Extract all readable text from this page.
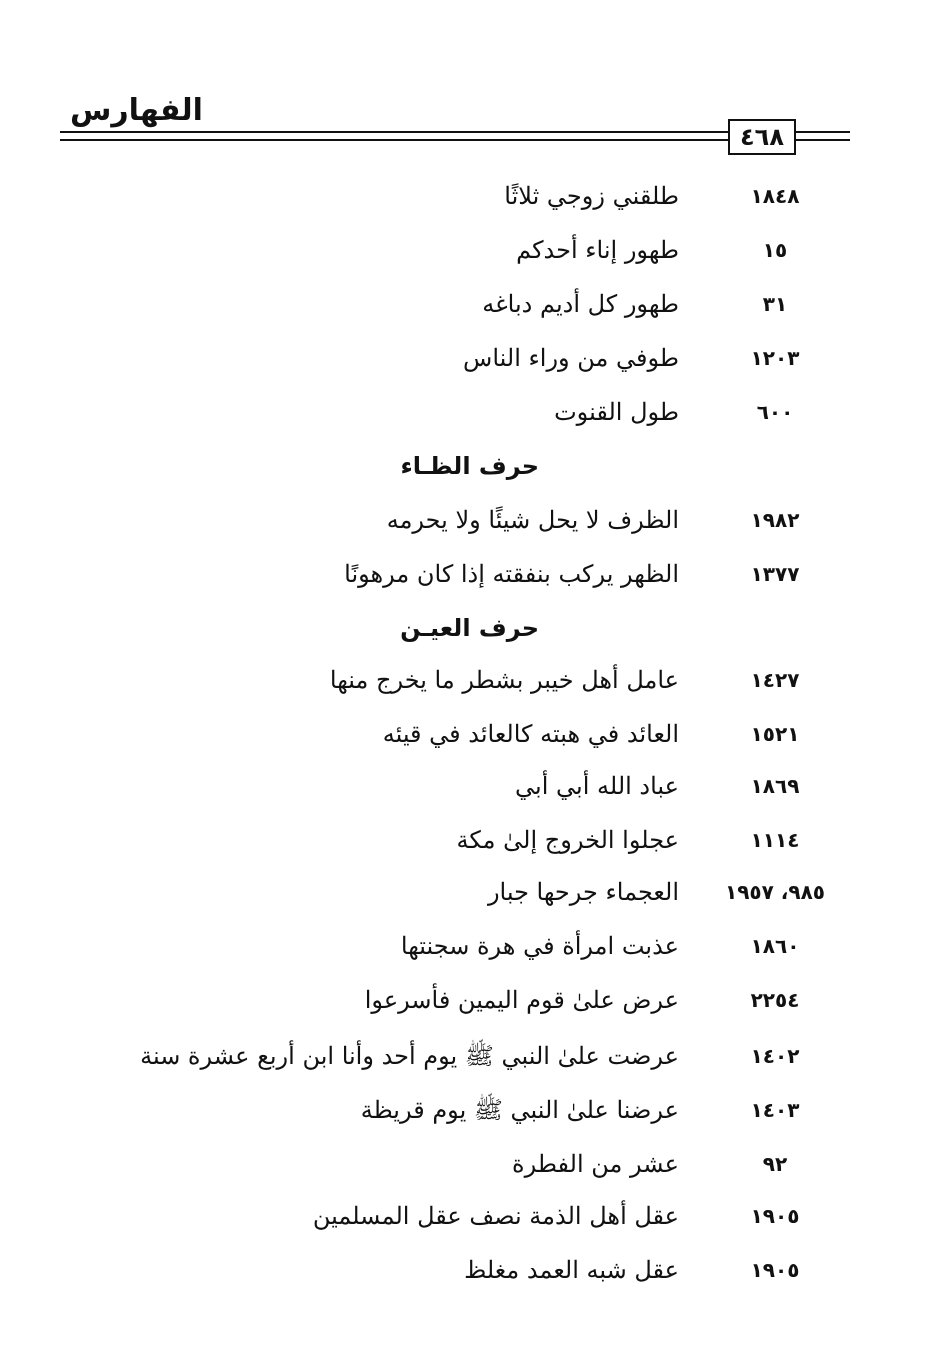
الفهارس
٤٦٨
١٨٤٨
طلقني زوجي ثلاثًا
١٥
طهور إناء أحدكم
٣١
طهور كل أديم دباغه
١٢٠٣
طوفي من وراء الناس
٦٠٠
طول القنوت
حرف الظـاء
١٩٨٢
الظرف لا يحل شيئًا ولا يحرمه
١٣٧٧
الظهر يركب بنفقته إذا كان مرهونًا
حرف العيـن
١٤٢٧
عامل أهل خيبر بشطر ما يخرج منها
١٥٢١
العائد في هبته كالعائد في قيئه
١٨٦٩
عباد الله أبي أبي
١١١٤
عجلوا الخروج إلىٰ مكة
٩٨٥، ١٩٥٧
العجماء جرحها جبار
١٨٦٠
عذبت امرأة في هرة سجنتها
٢٢٥٤
عرض علىٰ قوم اليمين فأسرعوا
١٤٠٢
عرضت علىٰ النبي ﷺ يوم أحد وأنا ابن أربع عشرة سنة
١٤٠٣
عرضنا علىٰ النبي ﷺ يوم قريظة
٩٢
عشر من الفطرة
١٩٠٥
عقل أهل الذمة نصف عقل المسلمين
١٩٠٥
عقل شبه العمد مغلظ
